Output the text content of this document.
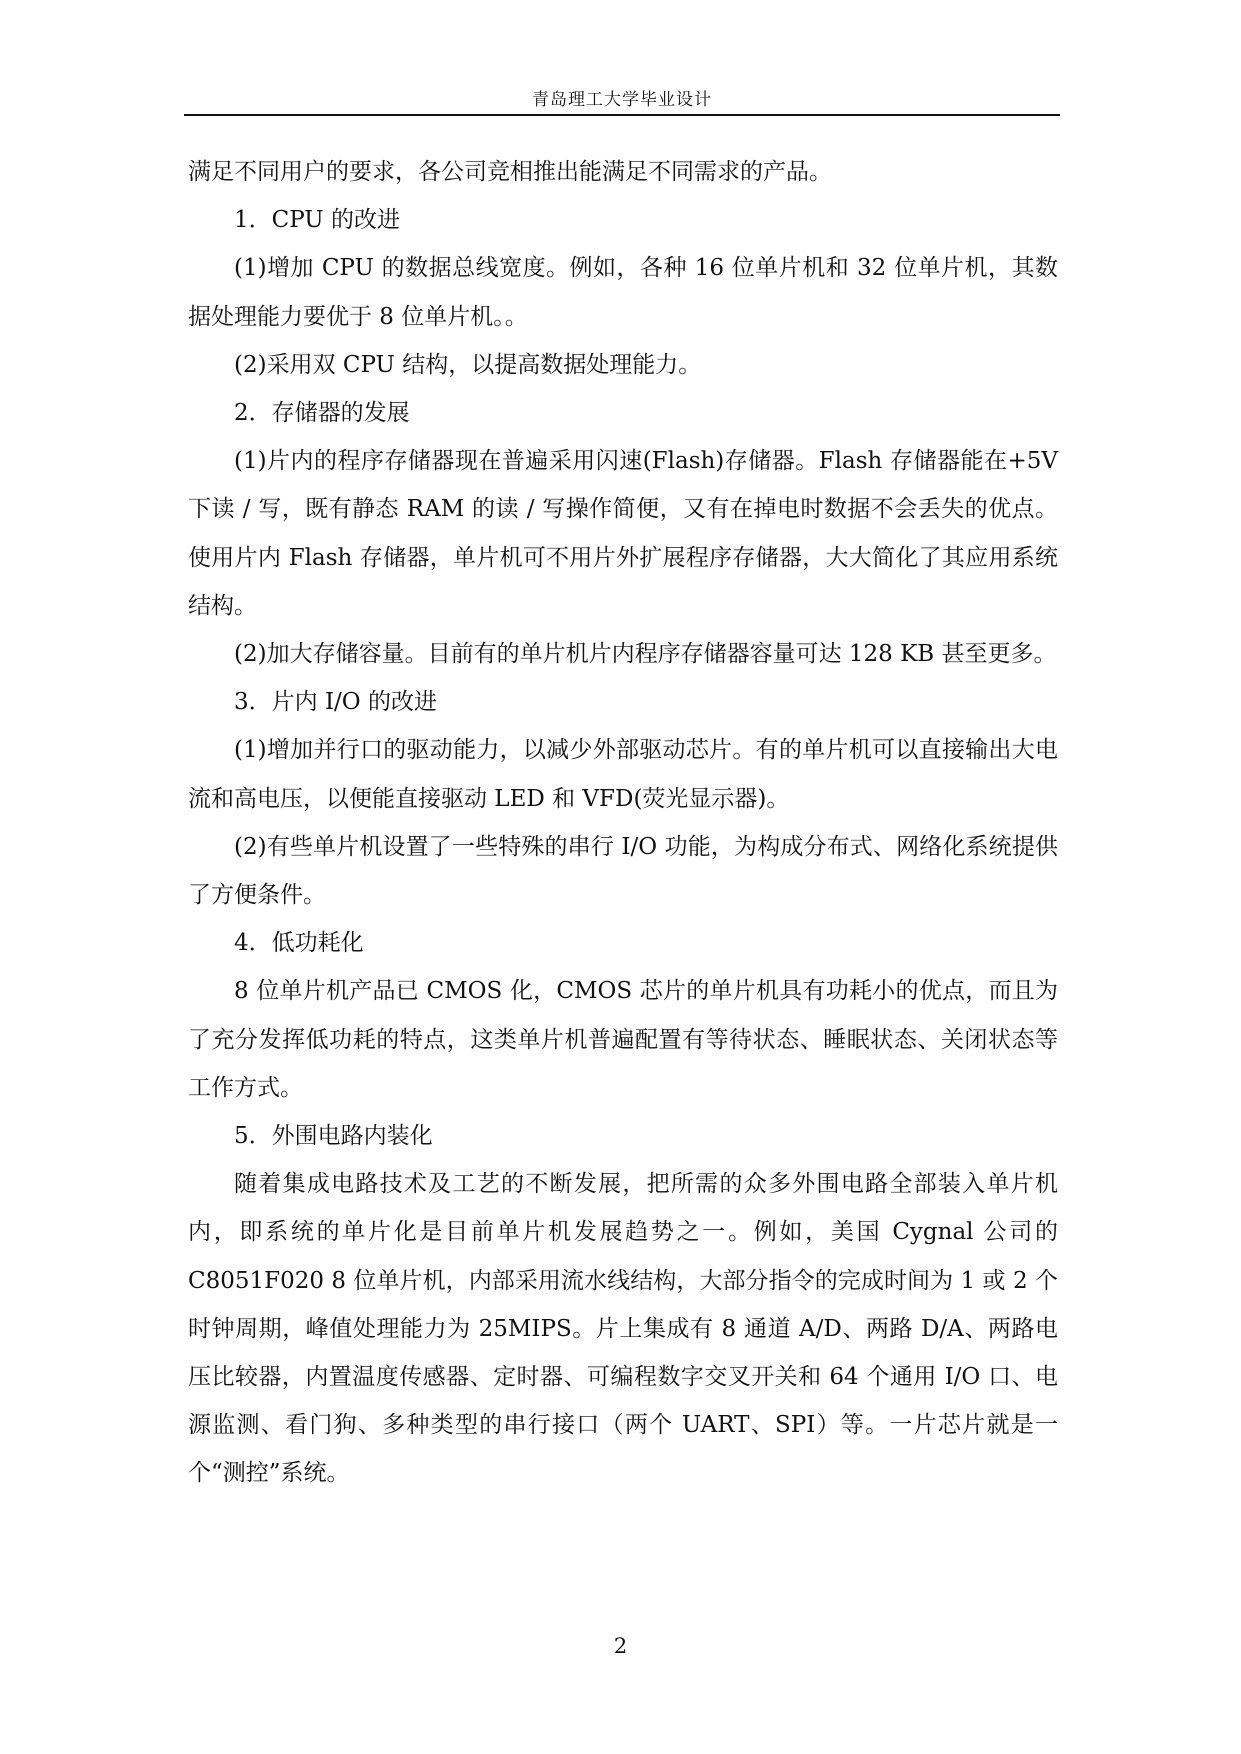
青岛理工大学毕业设计

满足不同用户的要求，各公司竞相推出能满足不同需求的产品。

1．CPU 的改进

(1)增加 CPU 的数据总线宽度。例如，各种 16 位单片机和 32 位单片机，其数据处理能力要优于 8 位单片机。。

(2)采用双 CPU 结构，以提高数据处理能力。

2．存储器的发展

(1)片内的程序存储器现在普遍采用闪速(Flash)存储器。Flash 存储器能在+5V 下读 / 写，既有静态 RAM 的读 / 写操作简便，又有在掉电时数据不会丢失的优点。使用片内 Flash 存储器，单片机可不用片外扩展程序存储器，大大简化了其应用系统结构。

(2)加大存储容量。目前有的单片机片内程序存储器容量可达 128 KB 甚至更多。

3．片内 I/O 的改进

(1)增加并行口的驱动能力，以减少外部驱动芯片。有的单片机可以直接输出大电流和高电压，以便能直接驱动 LED 和 VFD(荧光显示器)。

(2)有些单片机设置了一些特殊的串行 I/O 功能，为构成分布式、网络化系统提供了方便条件。

4．低功耗化

8 位单片机产品已 CMOS 化，CMOS 芯片的单片机具有功耗小的优点，而且为了充分发挥低功耗的特点，这类单片机普遍配置有等待状态、睡眠状态、关闭状态等工作方式。

5．外围电路内装化

随着集成电路技术及工艺的不断发展，把所需的众多外围电路全部装入单片机内，即系统的单片化是目前单片机发展趋势之一。例如，美国 Cygnal 公司的 C8051F020 8 位单片机，内部采用流水线结构，大部分指令的完成时间为 1 或 2 个时钟周期，峰值处理能力为 25MIPS。片上集成有 8 通道 A/D、两路 D/A、两路电压比较器，内置温度传感器、定时器、可编程数字交叉开关和 64 个通用 I/O 口、电源监测、看门狗、多种类型的串行接口（两个 UART、SPI）等。一片芯片就是一个“测控”系统。

2
